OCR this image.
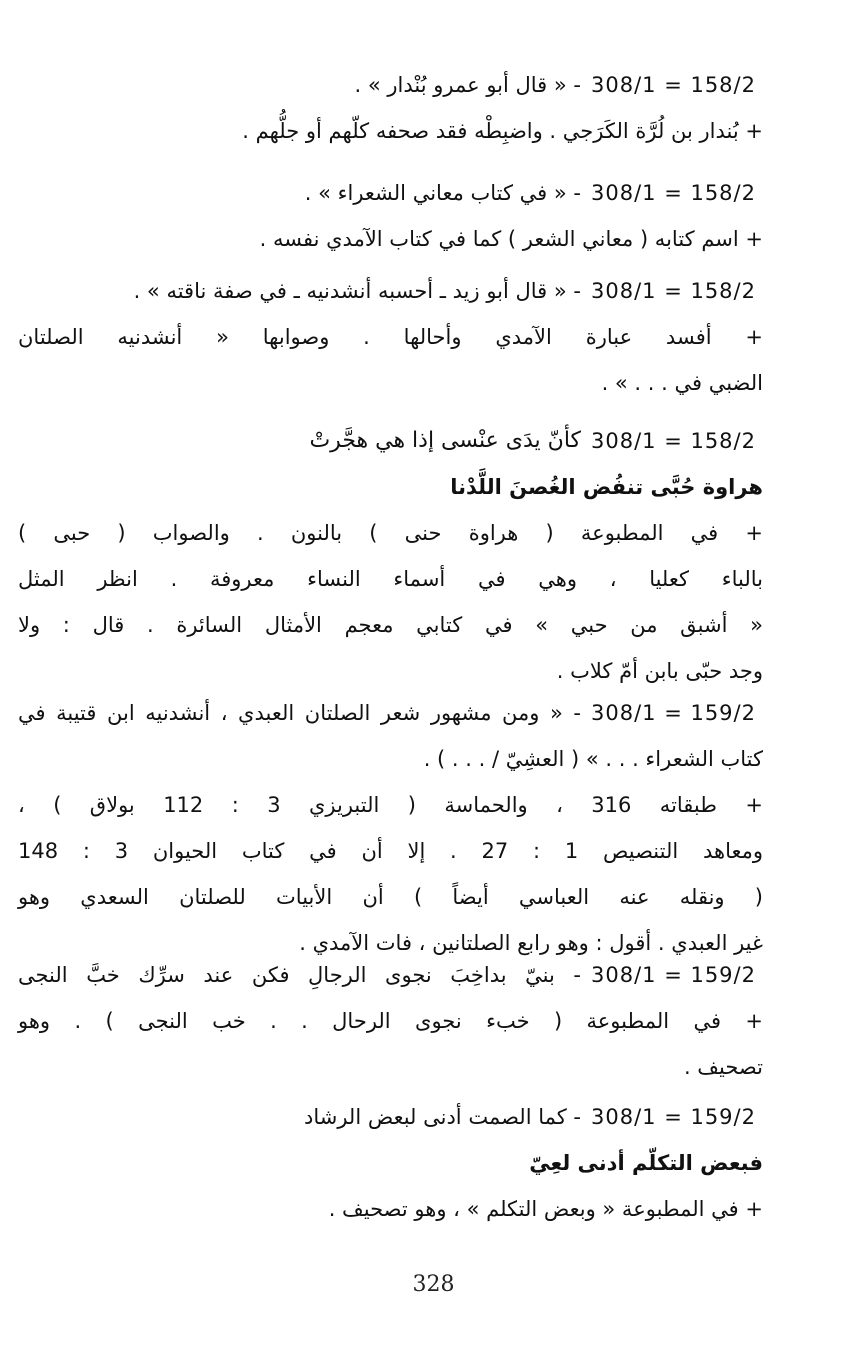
308/1 = 158/2
- « قال أبو عمرو بُنْدار » .
+ بُندار بن لُرَّة الكَرَجي . واضبِطْه فقد صحفه كلّهم أو جلُّهم .
308/1 = 158/2
- « في كتاب معاني الشعراء » .
+ اسم كتابه ( معاني الشعر ) كما في كتاب الآمدي نفسه .
308/1 = 158/2
- « قال أبو زيد ـ أحسبه أنشدنيه ـ في صفة ناقته » .
+ أفسد عبارة الآمدي وأحالها . وصوابها « أنشدنيه الصلتان
الضبي في . . . » .
308/1 = 158/2
كأنّ يدَى عنْسى إذا هي هجَّرتْ
هراوة حُبَّى تنفُض الغُصنَ اللَّدْنا
+ في المطبوعة ( هراوة حنى ) بالنون . والصواب ( حبى )
بالباء كعليا ، وهي في أسماء النساء معروفة . انظر المثل
« أشبق من حبي » في كتابي معجم الأمثال السائرة . قال : ولا
وجد حبّى بابن أمّ كلاب .
308/1 = 159/2
- « ومن مشهور شعر الصلتان العبدي ، أنشدنيه ابن قتيبة في
كتاب الشعراء . . . » ( العشِيّ / . . . ) .
+ طبقاته 316 ، والحماسة ( التبريزي 3 : 112 بولاق ) ،
ومعاهد التنصيص 1 : 27 . إلا أن في كتاب الحيوان 3 : 148
( ونقله عنه العباسي أيضاً ) أن الأبيات للصلتان السعدي وهو
غير العبدي . أقول : وهو رابع الصلتانين ، فات الآمدي .
308/1 = 159/2
- بنيّ بداخِبَ نجوى الرجالِ فكن عند سرِّك خبَّ النجى
+ في المطبوعة ( خبء نجوى الرحال . . خب النجى ) . وهو
تصحيف .
308/1 = 159/2
- كما الصمت أدنى لبعض الرشاد
فبعض التكلّم أدنى لعِيّ
+ في المطبوعة « وبعض التكلم » ، وهو تصحيف .
328
